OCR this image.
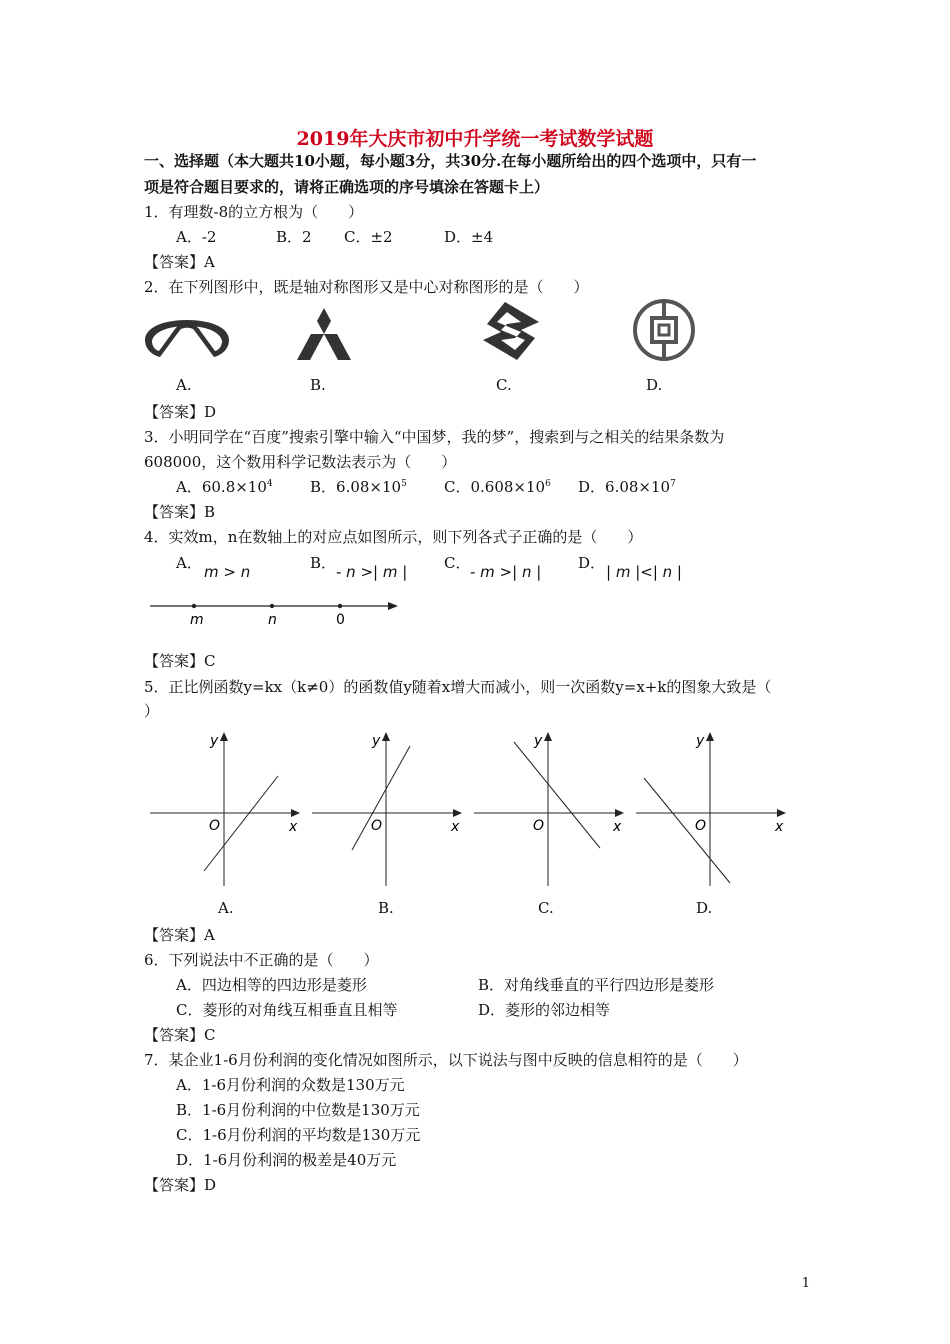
2019年大庆市初中升学统一考试数学试题
一、选择题（本大题共10小题，每小题3分，共30分.在每小题所给出的四个选项中，只有一
项是符合题目要求的，请将正确选项的序号填涂在答题卡上）
1．有理数-8的立方根为（　　）
A．-2	B．2 C．±2	D．±4
【答案】A
2．在下列图形中，既是轴对称图形又是中心对称图形的是（　　）
A.	B.	C.	D.
【答案】D
3．小明同学在“百度”搜索引擎中输入“中国梦，我的梦”，搜索到与之相关的结果条数为
608000，这个数用科学记数法表示为（　　）
A．$60.8\times 10^4$ B．$6.08\times 10^5$ C．$0.608\times 10^6$ D．$6.08\times 10^7$
【答案】B
4．实效m，n在数轴上的对应点如图所示，则下列各式子正确的是（　　）
A． m > n	B． - n >| m | C． - m >| n | D． | m |<| n |
m	n	0
【答案】C
5．正比例函数y=kx（k≠0）的函数值y随着x增大而减小，则一次函数y=x+k的图象大致是（
）
y
x
O
y
x
O
y
x
O
y
x
O
A.	B.	C.	D.
【答案】A
6．下列说法中不正确的是（　　）
A．四边相等的四边形是菱形	B．对角线垂直的平行四边形是菱形
C．菱形的对角线互相垂直且相等	D．菱形的邻边相等
【答案】C
7．某企业1-6月份利润的变化情况如图所示，以下说法与图中反映的信息相符的是（　　）
A．1-6月份利润的众数是130万元
B．1-6月份利润的中位数是130万元
C．1-6月份利润的平均数是130万元
D．1-6月份利润的极差是40万元
【答案】D
1
